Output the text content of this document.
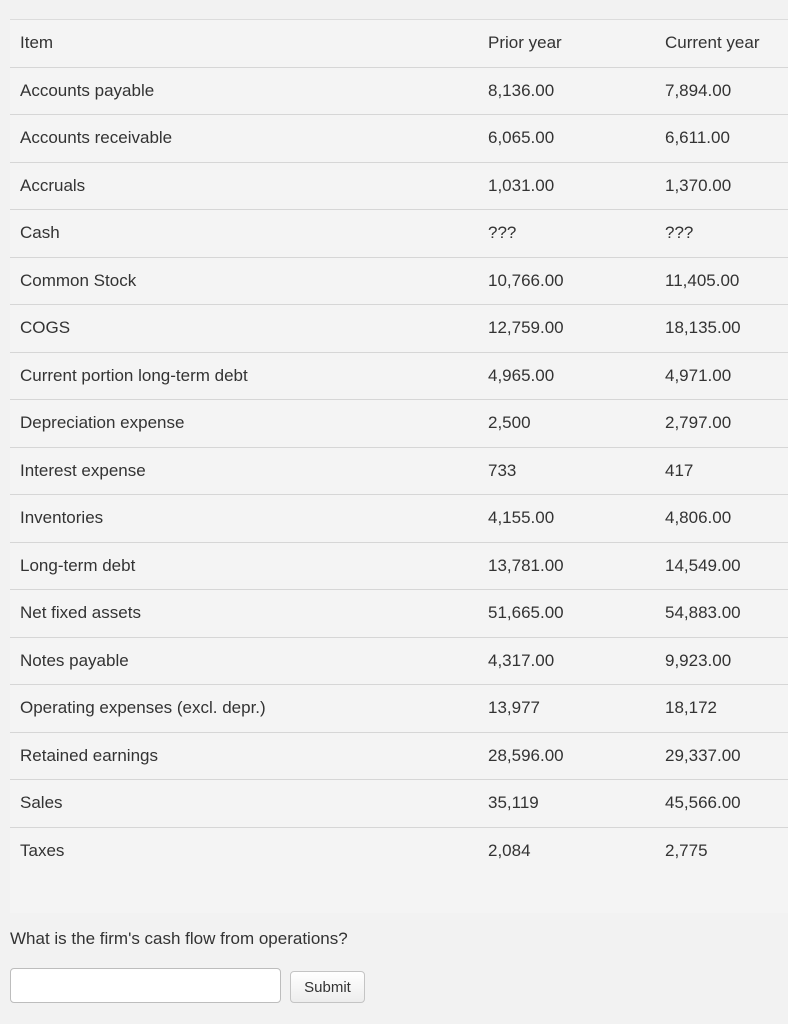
Item	Prior year	Current year
Accounts payable	8,136.00	7,894.00
Accounts receivable	6,065.00	6,611.00
Accruals	1,031.00	1,370.00
Cash	???	???
Common Stock	10,766.00	11,405.00
COGS	12,759.00	18,135.00
Current portion long-term debt	4,965.00	4,971.00
Depreciation expense	2,500	2,797.00
Interest expense	733	417
Inventories	4,155.00	4,806.00
Long-term debt	13,781.00	14,549.00
Net fixed assets	51,665.00	54,883.00
Notes payable	4,317.00	9,923.00
Operating expenses (excl. depr.)	13,977	18,172
Retained earnings	28,596.00	29,337.00
Sales	35,119	45,566.00
Taxes	2,084	2,775
What is the firm's cash flow from operations?
Submit
